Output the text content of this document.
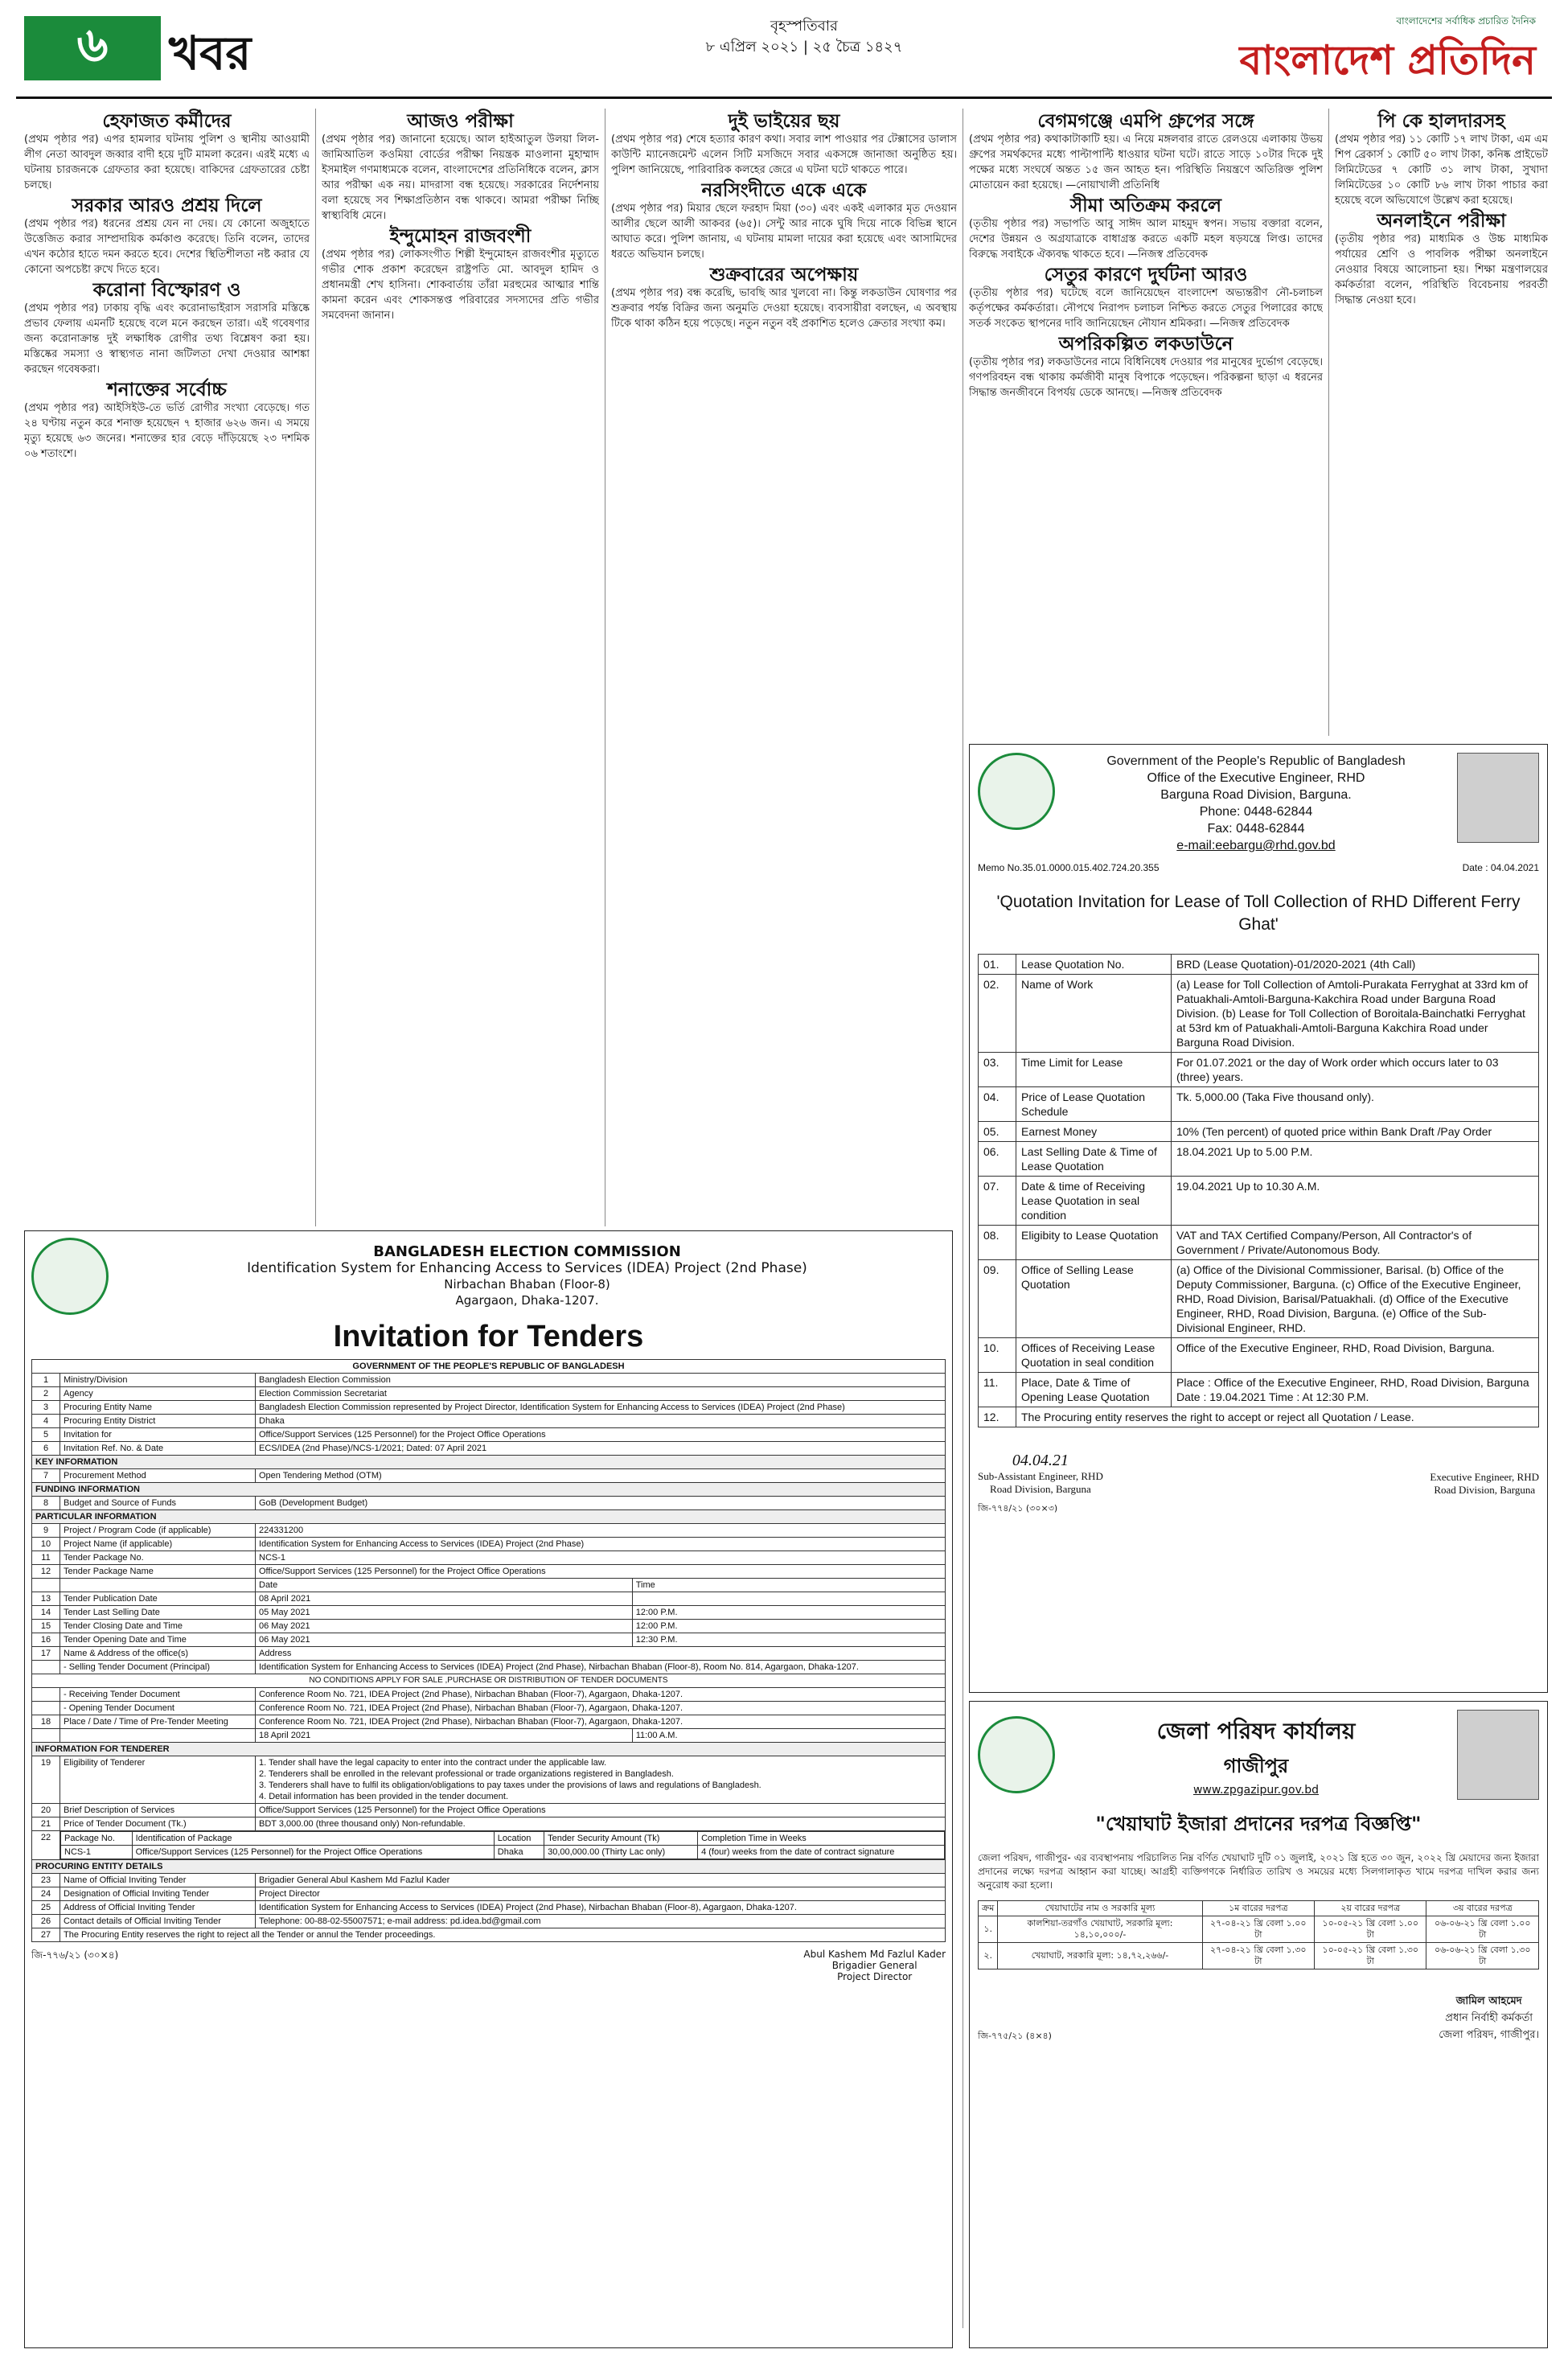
৬	খবর	বৃহস্পতিবার
৮ এপ্রিল ২০২১ | ২৫ চৈত্র ১৪২৭
বাংলাদেশের সর্বাধিক প্রচারিত দৈনিক
বাংলাদেশ প্রতিদিন
হেফাজত কর্মীদের

(প্রথম পৃষ্ঠার পর) এপর হামলার ঘটনায় পুলিশ ও স্থানীয় আওয়ামী লীগ নেতা আবদুল জব্বার বাদী হয়ে দুটি মামলা করেন। এরই মধ্যে এ ঘটনায় চারজনকে গ্রেফতার করা হয়েছে। বাকিদের গ্রেফতারের চেষ্টা চলছে।

সরকার আরও প্রশ্রয় দিলে

(প্রথম পৃষ্ঠার পর) ধরনের প্রশ্রয় যেন না দেয়। যে কোনো অজুহাতে উত্তেজিত করার সাম্প্রদায়িক কর্মকাণ্ড করেছে। তিনি বলেন, তাদের এখন কঠোর হাতে দমন করতে হবে। দেশের স্থিতিশীলতা নষ্ট করার যে কোনো অপচেষ্টা রুখে দিতে হবে।

করোনা বিস্ফোরণ ও

(প্রথম পৃষ্ঠার পর) ঢাকায় বৃদ্ধি এবং করোনাভাইরাস সরাসরি মস্তিষ্কে প্রভাব ফেলায় এমনটি হয়েছে বলে মনে করছেন তারা। এই গবেষণার জন্য করোনাক্রান্ত দুই লক্ষাধিক রোগীর তথ্য বিশ্লেষণ করা হয়। মস্তিষ্কের সমস্যা ও স্বাস্থ্যগত নানা জটিলতা দেখা দেওয়ার আশঙ্কা করছেন গবেষকরা।

শনাক্তের সর্বোচ্চ

(প্রথম পৃষ্ঠার পর) আইসিইউ-তে ভর্তি রোগীর সংখ্যা বেড়েছে। গত ২৪ ঘণ্টায় নতুন করে শনাক্ত হয়েছেন ৭ হাজার ৬২৬ জন। এ সময়ে মৃত্যু হয়েছে ৬৩ জনের। শনাক্তের হার বেড়ে দাঁড়িয়েছে ২৩ দশমিক ০৬ শতাংশে।

আজও পরীক্ষা

(প্রথম পৃষ্ঠার পর) জানানো হয়েছে। আল হাইআতুল উলয়া লিল-জামিআতিল কওমিয়া বোর্ডের পরীক্ষা নিয়ন্ত্রক মাওলানা মুহাম্মাদ ইসমাইল গণমাধ্যমকে বলেন, বাংলাদেশের প্রতিনিধিকে বলেন, ক্লাস আর পরীক্ষা এক নয়। মাদরাসা বন্ধ হয়েছে। সরকারের নির্দেশনায় বলা হয়েছে সব শিক্ষাপ্রতিষ্ঠান বন্ধ থাকবে। আমরা পরীক্ষা নিচ্ছি স্বাস্থ্যবিধি মেনে।

ইন্দুমোহন রাজবংশী

(প্রথম পৃষ্ঠার পর) লোকসংগীত শিল্পী ইন্দুমোহন রাজবংশীর মৃত্যুতে গভীর শোক প্রকাশ করেছেন রাষ্ট্রপতি মো. আবদুল হামিদ ও প্রধানমন্ত্রী শেখ হাসিনা। শোকবার্তায় তাঁরা মরহুমের আত্মার শান্তি কামনা করেন এবং শোকসন্তপ্ত পরিবারের সদস্যদের প্রতি গভীর সমবেদনা জানান।

দুই ভাইয়ের ছয়

(প্রথম পৃষ্ঠার পর) শেষে হত্যার কারণ কথা। সবার লাশ পাওয়ার পর টেক্সাসের ডালাস কাউন্টি ম্যানেজমেন্ট এলেন সিটি মসজিদে সবার একসঙ্গে জানাজা অনুষ্ঠিত হয়। পুলিশ জানিয়েছে, পারিবারিক কলহের জেরে এ ঘটনা ঘটে থাকতে পারে।

নরসিংদীতে একে একে

(প্রথম পৃষ্ঠার পর) মিয়ার ছেলে ফরহাদ মিয়া (৩০) এবং একই এলাকার মৃত দেওয়ান আলীর ছেলে আলী আকবর (৬৫)। সেন্টু আর নাকে ঘুষি দিয়ে নাকে বিভিন্ন স্থানে আঘাত করে। পুলিশ জানায়, এ ঘটনায় মামলা দায়ের করা হয়েছে এবং আসামিদের ধরতে অভিযান চলছে।

শুক্রবারের অপেক্ষায়

(প্রথম পৃষ্ঠার পর) বন্ধ করেছি, ভাবছি আর খুলবো না। কিন্তু লকডাউন ঘোষণার পর শুক্রবার পর্যন্ত বিক্রির জন্য অনুমতি দেওয়া হয়েছে। ব্যবসায়ীরা বলছেন, এ অবস্থায় টিকে থাকা কঠিন হয়ে পড়েছে। নতুন নতুন বই প্রকাশিত হলেও ক্রেতার সংখ্যা কম।

বেগমগঞ্জে এমপি গ্রুপের সঙ্গে

(প্রথম পৃষ্ঠার পর) কথাকাটাকাটি হয়। এ নিয়ে মঙ্গলবার রাতে রেলওয়ে এলাকায় উভয় গ্রুপের সমর্থকদের মধ্যে পাল্টাপাল্টি ধাওয়ার ঘটনা ঘটে। রাতে সাড়ে ১০টার দিকে দুই পক্ষের মধ্যে সংঘর্ষে অন্তত ১৫ জন আহত হন। পরিস্থিতি নিয়ন্ত্রণে অতিরিক্ত পুলিশ মোতায়েন করা হয়েছে। —নোয়াখালী প্রতিনিধি

সীমা অতিক্রম করলে

(তৃতীয় পৃষ্ঠার পর) সভাপতি আবু সাঈদ আল মাহমুদ স্বপন। সভায় বক্তারা বলেন, দেশের উন্নয়ন ও অগ্রযাত্রাকে বাধাগ্রস্ত করতে একটি মহল ষড়যন্ত্রে লিপ্ত। তাদের বিরুদ্ধে সবাইকে ঐক্যবদ্ধ থাকতে হবে। —নিজস্ব প্রতিবেদক

সেতুর কারণে দুর্ঘটনা আরও

(তৃতীয় পৃষ্ঠার পর) ঘটেছে বলে জানিয়েছেন বাংলাদেশ অভ্যন্তরীণ নৌ-চলাচল কর্তৃপক্ষের কর্মকর্তারা। নৌপথে নিরাপদ চলাচল নিশ্চিত করতে সেতুর পিলারের কাছে সতর্ক সংকেত স্থাপনের দাবি জানিয়েছেন নৌযান শ্রমিকরা। —নিজস্ব প্রতিবেদক

অপরিকল্পিত লকডাউনে

(তৃতীয় পৃষ্ঠার পর) লকডাউনের নামে বিধিনিষেধ দেওয়ার পর মানুষের দুর্ভোগ বেড়েছে। গণপরিবহন বন্ধ থাকায় কর্মজীবী মানুষ বিপাকে পড়েছেন। পরিকল্পনা ছাড়া এ ধরনের সিদ্ধান্ত জনজীবনে বিপর্যয় ডেকে আনছে। —নিজস্ব প্রতিবেদক

পি কে হালদারসহ

(প্রথম পৃষ্ঠার পর) ১১ কোটি ১৭ লাখ টাকা, এম এম শিপ ব্রেকার্স ১ কোটি ৫০ লাখ টাকা, কনিষ্ক প্রাইভেট লিমিটেডের ৭ কোটি ৩১ লাখ টাকা, সুখাদা লিমিটেডের ১০ কোটি ৮৬ লাখ টাকা পাচার করা হয়েছে বলে অভিযোগে উল্লেখ করা হয়েছে।

অনলাইনে পরীক্ষা

(তৃতীয় পৃষ্ঠার পর) মাধ্যমিক ও উচ্চ মাধ্যমিক পর্যায়ের শ্রেণি ও পাবলিক পরীক্ষা অনলাইনে নেওয়ার বিষয়ে আলোচনা হয়। শিক্ষা মন্ত্রণালয়ের কর্মকর্তারা বলেন, পরিস্থিতি বিবেচনায় পরবর্তী সিদ্ধান্ত নেওয়া হবে।

BANGLADESH ELECTION COMMISSION
Identification System for Enhancing Access to Services (IDEA) Project (2nd Phase)
Nirbachan Bhaban (Floor-8)
Agargaon, Dhaka-1207.
Invitation for Tenders
GOVERNMENT OF THE PEOPLE'S REPUBLIC OF BANGLADESH
1	Ministry/Division	Bangladesh Election Commission
2	Agency	Election Commission Secretariat
3	Procuring Entity Name	Bangladesh Election Commission represented by Project Director, Identification System for Enhancing Access to Services (IDEA) Project (2nd Phase)
4	Procuring Entity District	Dhaka
5	Invitation for	Office/Support Services (125 Personnel) for the Project Office Operations
6	Invitation Ref. No. & Date	ECS/IDEA (2nd Phase)/NCS-1/2021; Dated: 07 April 2021
KEY INFORMATION
7	Procurement Method	Open Tendering Method (OTM)
FUNDING INFORMATION
8	Budget and Source of Funds	GoB (Development Budget)
PARTICULAR INFORMATION
9	Project / Program Code (if applicable)	224331200
10	Project Name (if applicable)	Identification System for Enhancing Access to Services (IDEA) Project (2nd Phase)
11	Tender Package No.	NCS-1
12	Tender Package Name	Office/Support Services (125 Personnel) for the Project Office Operations
		Date	Time
13	Tender Publication Date	08 April 2021	
14	Tender Last Selling Date	05 May 2021	12:00 P.M.
15	Tender Closing Date and Time	06 May 2021	12:00 P.M.
16	Tender Opening Date and Time	06 May 2021	12:30 P.M.
17	Name & Address of the office(s)	Address
	- Selling Tender Document (Principal)	Identification System for Enhancing Access to Services (IDEA) Project (2nd Phase), Nirbachan Bhaban (Floor-8), Room No. 814, Agargaon, Dhaka-1207.
NO CONDITIONS APPLY FOR SALE ,PURCHASE OR DISTRIBUTION OF TENDER DOCUMENTS
	- Receiving Tender Document	Conference Room No. 721, IDEA Project (2nd Phase), Nirbachan Bhaban (Floor-7), Agargaon, Dhaka-1207.
	- Opening Tender Document	Conference Room No. 721, IDEA Project (2nd Phase), Nirbachan Bhaban (Floor-7), Agargaon, Dhaka-1207.
18	Place / Date / Time of Pre-Tender Meeting	Conference Room No. 721, IDEA Project (2nd Phase), Nirbachan Bhaban (Floor-7), Agargaon, Dhaka-1207.
		18 April 2021	11:00 A.M.
INFORMATION FOR TENDERER
19	Eligibility of Tenderer	1. Tender shall have the legal capacity to enter into the contract under the applicable law.
2. Tenderers shall be enrolled in the relevant professional or trade organizations registered in Bangladesh.
3. Tenderers shall have to fulfil its obligation/obligations to pay taxes under the provisions of laws and regulations of Bangladesh.
4. Detail information has been provided in the tender document.

20	Brief Description of Services	Office/Support Services (125 Personnel) for the Project Office Operations
21	Price of Tender Document (Tk.)	BDT 3,000.00 (three thousand only) Non-refundable.
22	Package No.	Identification of Package	Location	Tender Security Amount (Tk)	Completion Time in Weeks
NCS-1	Office/Support Services (125 Personnel) for the Project Office Operations	Dhaka	30,00,000.00 (Thirty Lac only)	4 (four) weeks from the date of contract signature

PROCURING ENTITY DETAILS
23	Name of Official Inviting Tender	Brigadier General Abul Kashem Md Fazlul Kader
24	Designation of Official Inviting Tender	Project Director
25	Address of Official Inviting Tender	Identification System for Enhancing Access to Services (IDEA) Project (2nd Phase), Nirbachan Bhaban (Floor-8), Agargaon, Dhaka-1207.
26	Contact details of Official Inviting Tender	Telephone: 00-88-02-55007571; e-mail address: pd.idea.bd@gmail.com
27	The Procuring Entity reserves the right to reject all the Tender or annul the Tender proceedings.
জি-৭৭৬/২১ (৩০×৪)	Abul Kashem Md Fazlul Kader
Brigadier General
Project Director
Government of the People's Republic of Bangladesh
Office of the Executive Engineer, RHD
Barguna Road Division, Barguna.
Phone: 0448-62844
Fax: 0448-62844
e-mail:eebargu@rhd.gov.bd
Memo No.35.01.0000.015.402.724.20.355	Date : 04.04.2021
'Quotation Invitation for Lease of Toll Collection of RHD Different Ferry Ghat'
01.	Lease Quotation No.	BRD (Lease Quotation)-01/2020-2021 (4th Call)
02.	Name of Work	(a) Lease for Toll Collection of Amtoli-Purakata Ferryghat at 33rd km of Patuakhali-Amtoli-Barguna-Kakchira Road under Barguna Road Division. (b) Lease for Toll Collection of Boroitala-Bainchatki Ferryghat at 53rd km of Patuakhali-Amtoli-Barguna Kakchira Road under Barguna Road Division.
03.	Time Limit for Lease	For 01.07.2021 or the day of Work order which occurs later to 03 (three) years.
04.	Price of Lease Quotation Schedule	Tk. 5,000.00 (Taka Five thousand only).
05.	Earnest Money	10% (Ten percent) of quoted price within Bank Draft /Pay Order
06.	Last Selling Date & Time of Lease Quotation	18.04.2021 Up to 5.00 P.M.
07.	Date & time of Receiving Lease Quotation in seal condition	19.04.2021 Up to 10.30 A.M.
08.	Eligibity to Lease Quotation	VAT and TAX Certified Company/Person, All Contractor's of Government / Private/Autonomous Body.
09.	Office of Selling Lease Quotation	(a) Office of the Divisional Commissioner, Barisal. (b) Office of the Deputy Commissioner, Barguna. (c) Office of the Executive Engineer, RHD, Road Division, Barisal/Patuakhali. (d) Office of the Executive Engineer, RHD, Road Division, Barguna. (e) Office of the Sub-Divisional Engineer, RHD.
10.	Offices of Receiving Lease Quotation in seal condition	Office of the Executive Engineer, RHD, Road Division, Barguna.
11.	Place, Date & Time of Opening Lease Quotation	Place : Office of the Executive Engineer, RHD, Road Division, Barguna Date : 19.04.2021 Time : At 12:30 P.M.
12.	The Procuring entity reserves the right to accept or reject all Quotation / Lease.	
04.04.21
Sub-Assistant Engineer, RHD
Road Division, Barguna
Executive Engineer, RHD
Road Division, Barguna
জি-৭৭৪/২১ (৩০×৩)
জেলা পরিষদ কার্যালয়
গাজীপুর
www.zpgazipur.gov.bd
"খেয়াঘাট ইজারা প্রদানের দরপত্র বিজ্ঞপ্তি"
জেলা পরিষদ, গাজীপুর- এর ব্যবস্থাপনায় পরিচালিত নিম্ন বর্ণিত খেয়াঘাট দুটি ০১ জুলাই, ২০২১ খ্রি হতে ৩০ জুন, ২০২২ খ্রি মেয়াদের জন্য ইজারা প্রদানের লক্ষ্যে দরপত্র আহ্বান করা যাচ্ছে। আগ্রহী ব্যক্তিগণকে নির্ধারিত তারিখ ও সময়ের মধ্যে সিলগালাকৃত খামে দরপত্র দাখিল করার জন্য অনুরোধ করা হলো।
ক্রম	খেয়াঘাটের নাম ও সরকারি মূল্য	১ম বারের দরপত্র	২য় বারের দরপত্র	৩য় বারের দরপত্র
১.	কালশিয়া-তরগাঁও খেয়াঘাট, সরকারি মূল্য: ১৪,১০,০০০/-	২৭-০৪-২১ খ্রি বেলা ১.০০ টা	১০-০৫-২১ খ্রি বেলা ১.০০ টা	০৬-০৬-২১ খ্রি বেলা ১.০০ টা
২.	খেয়াঘাট, সরকারি মূল্য: ১৪,৭২,২৬৬/-	২৭-০৪-২১ খ্রি বেলা ১.৩০ টা	১০-০৫-২১ খ্রি বেলা ১.৩০ টা	০৬-০৬-২১ খ্রি বেলা ১.৩০ টা
জি-৭৭৫/২১ (৪×৪)
জামিল আহমেদ
প্রধান নির্বাহী কর্মকর্তা
জেলা পরিষদ, গাজীপুর।
